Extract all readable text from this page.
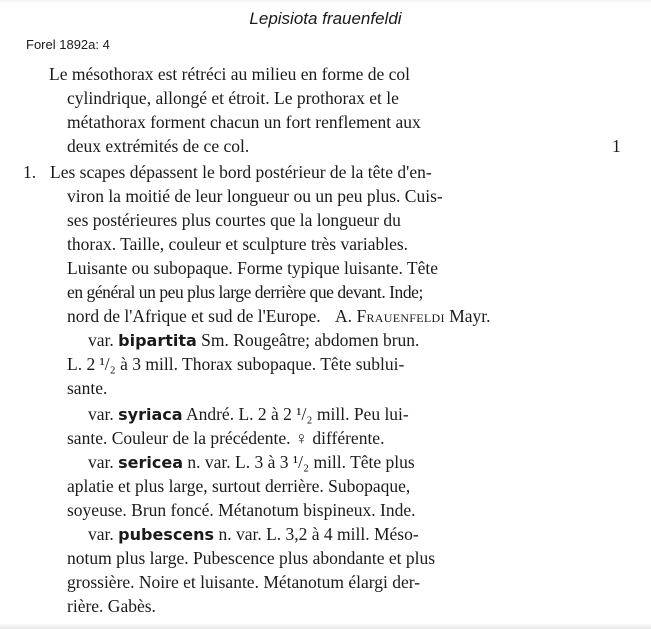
Lepisiota frauenfeldi
Forel 1892a: 4
Le mésothorax est rétréci au milieu en forme de col
cylindrique, allongé et étroit. Le prothorax et le
métathorax forment chacun un fort renflement aux
deux extrémités de ce col.	1
1. Les scapes dépassent le bord postérieur de la tête d'en-
viron la moitié de leur longueur ou un peu plus. Cuis-
ses postérieures plus courtes que la longueur du
thorax. Taille, couleur et sculpture très variables.
Luisante ou subopaque. Forme typique luisante. Tête
en général un peu plus large derrière que devant. Inde;
nord de l'Afrique et sud de l'Europe. A. Frauenfeldi Mayr.
var. bipartita Sm. Rougeâtre; abdomen brun.
L. 2 ¹/₂ à 3 mill. Thorax subopaque. Tête subluі-
sante.
var. syriaca André. L. 2 à 2 ¹/₂ mill. Peu lui-
sante. Couleur de la précédente. ♀ différente.
var. sericea n. var. L. 3 à 3 ¹/₂ mill. Tête plus
aplatie et plus large, surtout derrière. Subopaque,
soyeuse. Brun foncé. Métanotum bispineux. Inde.
var. pubescens n. var. L. 3,2 à 4 mill. Méso-
notum plus large. Pubescence plus abondante et plus
grossière. Noire et luisante. Métanotum élargi der-
rière. Gabès.
